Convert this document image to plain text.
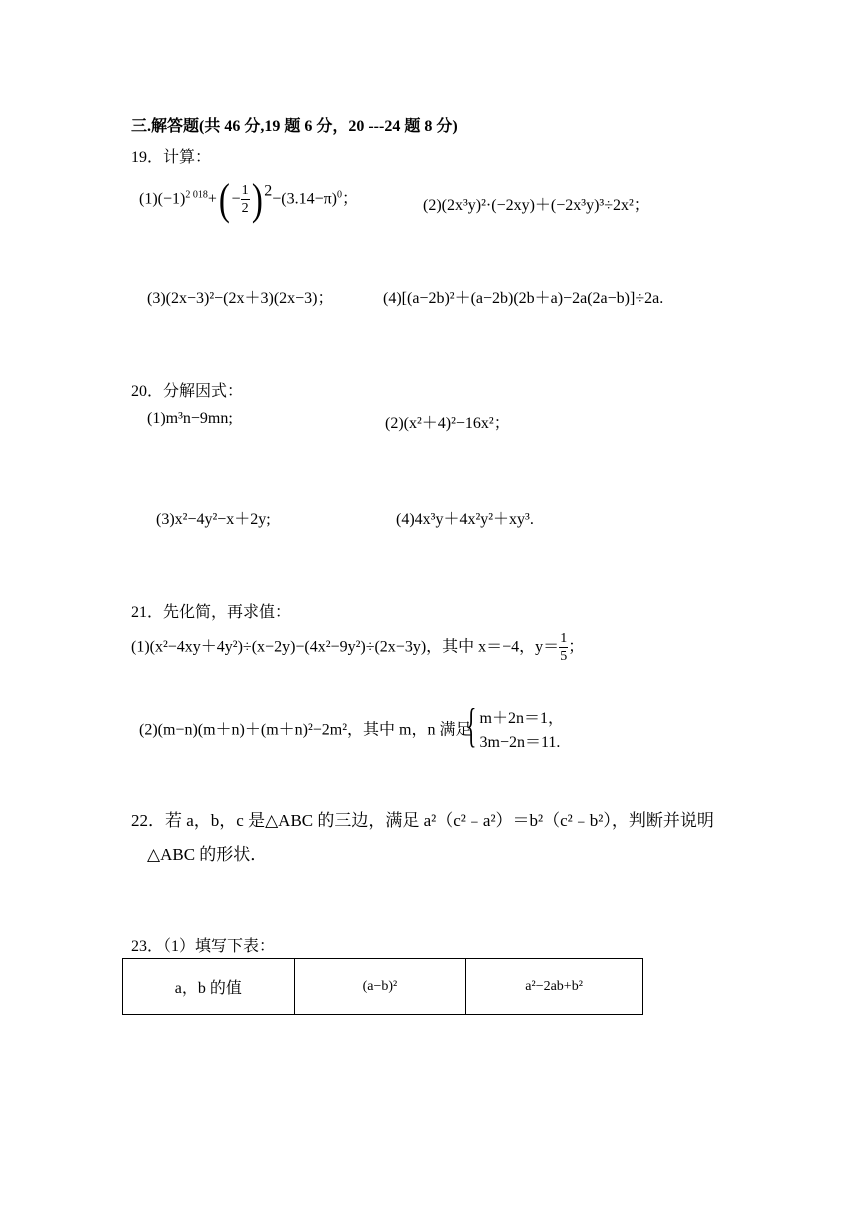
三.解答题(共 46 分,19 题 6 分，20 ---24 题 8 分)
19．计算：
$(1)(-1)^{2 018}+( - \frac{1}{2}$ ) $2-(3.14-\pi)^0$；	(2)(2x³y)²·(−2xy)＋(−2x³y)³÷2x²；
(3)(2x−3)²−(2x＋3)(2x−3)；	(4)[(a−2b)²＋(a−2b)(2b＋a)−2a(2a−b)]÷2a.
20．分解因式：
(1)m³n−9mn;	(2)(x²＋4)²−16x²；
(3)x²−4y²−x＋2y;	(4)4x³y＋4x²y²＋xy³.
21．先化简，再求值：
(1)(x²−4xy＋4y²)÷(x−2y)−(4x²−9y²)÷(2x−3y)，其中 x＝−4，$y= \frac{1}{5}$ ；
(2)(m−n)(m＋n)＋(m＋n)²−2m²，其中 m，n 满足
{ m＋2n＝1，
3m−2n＝11.
22．若 a，b，c 是△ABC 的三边，满足 a²（c²﹣a²）＝b²（c²﹣b²），判断并说明
△ABC 的形状．
23．（1）填写下表：
a，b 的值	(a−b)²	a²−2ab+b²
